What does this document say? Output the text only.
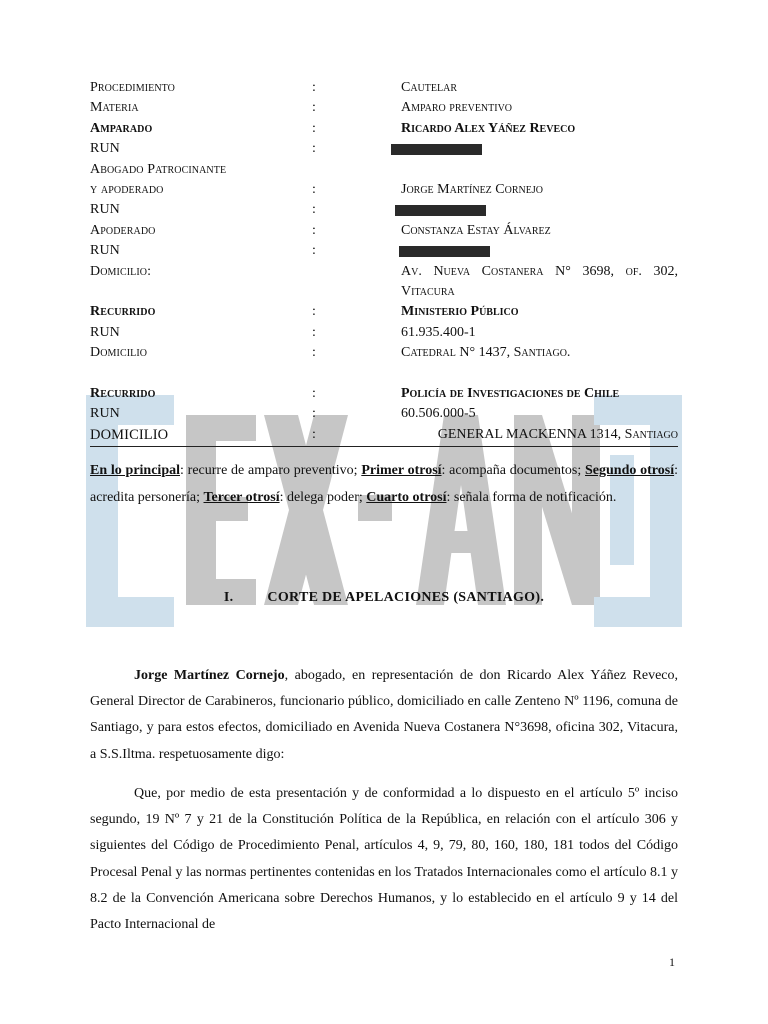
Procedimiento	:	Cautelar
Materia	:	Amparo preventivo
Amparado	:	Ricardo Alex Yáñez Reveco
RUN	:
Abogado Patrocinante
y apoderado	:	Jorge Martínez Cornejo
RUN	:
Apoderado	:	Constanza Estay Álvarez
RUN	:
Domicilio:	Av. Nueva Costanera N° 3698, of. 302,
Vitacura
Recurrido	:	Ministerio Público
RUN	:	61.935.400-1
Domicilio	:	Catedral N° 1437, Santiago.
Recurrido	:	Policía de Investigaciones de Chile
RUN	:	60.506.000-5
DOMICILIO	:	GENERAL MACKENNA 1314, Santiago
En lo principal: recurre de amparo preventivo; Primer otrosí: acompaña documentos; Segundo otrosí: acredita personería; Tercer otrosí: delega poder; Cuarto otrosí: señala forma de notificación.
I. CORTE DE APELACIONES (SANTIAGO).
Jorge Martínez Cornejo, abogado, en representación de don Ricardo Alex Yáñez Reveco, General Director de Carabineros, funcionario público, domiciliado en calle Zenteno Nº 1196, comuna de Santiago, y para estos efectos, domiciliado en Avenida Nueva Costanera N°3698, oficina 302, Vitacura, a S.S.Iltma. respetuosamente digo:
Que, por medio de esta presentación y de conformidad a lo dispuesto en el artículo 5º inciso segundo, 19 Nº 7 y 21 de la Constitución Política de la República, en relación con el artículo 306 y siguientes del Código de Procedimiento Penal, artículos 4, 9, 79, 80, 160, 180, 181 todos del Código Procesal Penal y las normas pertinentes contenidas en los Tratados Internacionales como el artículo 8.1 y 8.2 de la Convención Americana sobre Derechos Humanos, y lo establecido en el artículo 9 y 14 del Pacto Internacional de
1
